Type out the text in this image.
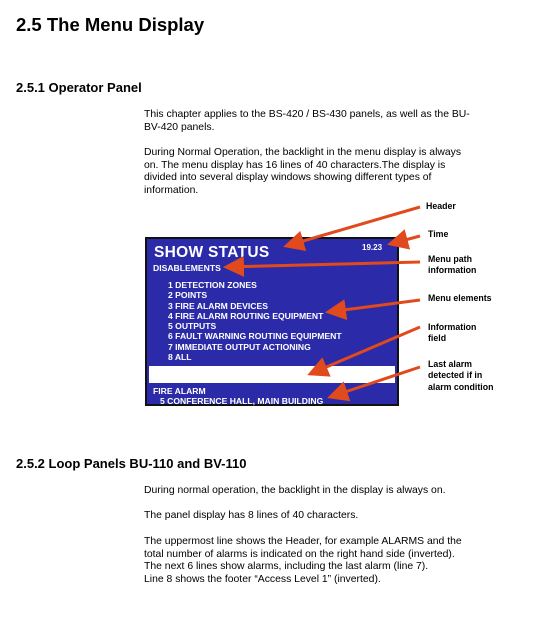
2.5 The Menu Display
2.5.1 Operator Panel
This chapter applies to the BS-420 / BS-430 panels, as well as the BU-
BV-420 panels.
During Normal Operation, the backlight in the menu display is always
on. The menu display has 16 lines of 40 characters.The display is
divided into several display windows showing different types of
information.
SHOW STATUS	19.23
DISABLEMENTS
1 DETECTION ZONES
2 POINTS
3 FIRE ALARM DEVICES
4 FIRE ALARM ROUTING EQUIPMENT
5 OUTPUTS
6 FAULT WARNING ROUTING EQUIPMENT
7 IMMEDIATE OUTPUT ACTIONING
8 ALL
FIRE ALARM
5 CONFERENCE HALL, MAIN BUILDING
Header
Time
Menu path
information
Menu elements
Information
field
Last alarm
detected if in
alarm condition
2.5.2 Loop Panels BU-110 and BV-110
During normal operation, the backlight in the display is always on.
The panel display has 8 lines of 40 characters.
The uppermost line shows the Header, for example ALARMS and the
total number of alarms is indicated on the right hand side (inverted).
The next 6 lines show alarms, including the last alarm (line 7).
Line 8 shows the footer “Access Level 1” (inverted).
